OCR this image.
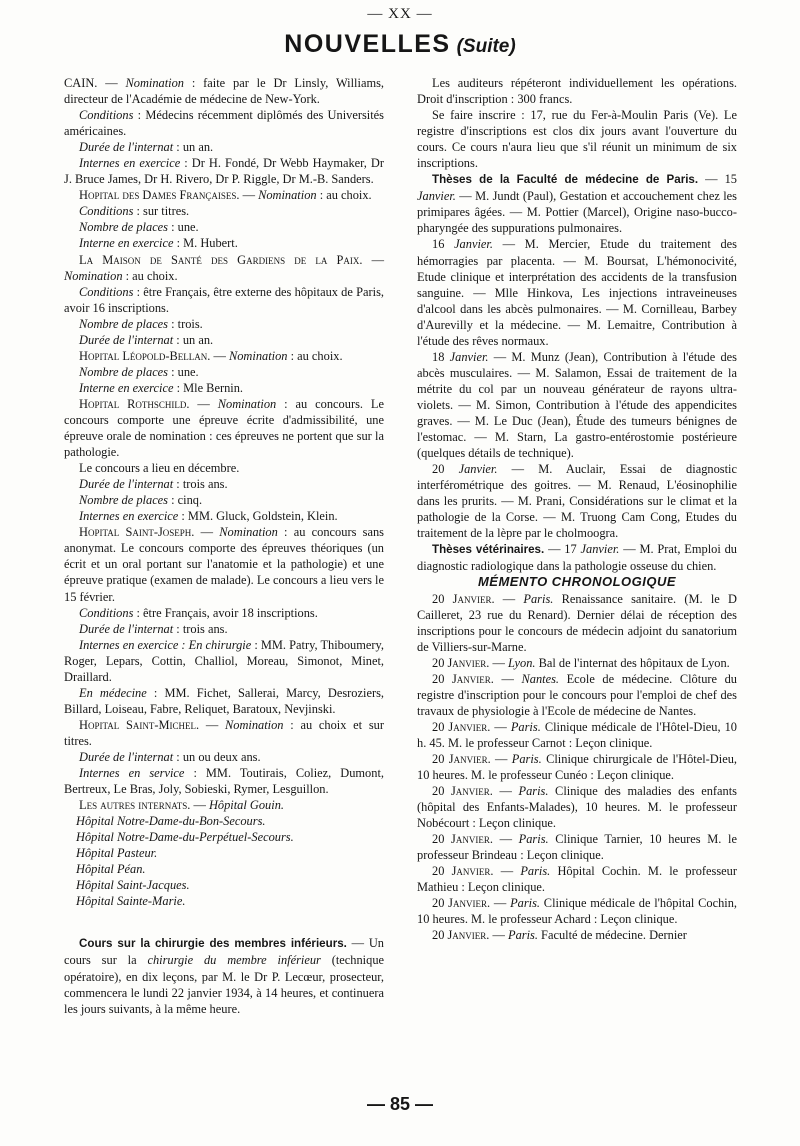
— XX —
NOUVELLES (Suite)

CAIN. — Nomination : faite par le Dr Linsly, Williams, directeur de l'Académie de médecine de New-York.

Conditions : Médecins récemment diplômés des Universités américaines.

Durée de l'internat : un an.

Internes en exercice : Dr H. Fondé, Dr Webb Haymaker, Dr J. Bruce James, Dr H. Rivero, Dr P. Riggle, Dr M.-B. Sanders.

Hopital des Dames Françaises. — Nomination : au choix.

Conditions : sur titres.

Nombre de places : une.

Interne en exercice : M. Hubert.

La Maison de Santé des Gardiens de la Paix. — Nomination : au choix.

Conditions : être Français, être externe des hôpitaux de Paris, avoir 16 inscriptions.

Nombre de places : trois.

Durée de l'internat : un an.

Hopital Léopold-Bellan. — Nomination : au choix.

Nombre de places : une.

Interne en exercice : Mle Bernin.

Hopital Rothschild. — Nomination : au concours. Le concours comporte une épreuve écrite d'admissibilité, une épreuve orale de nomination : ces épreuves ne portent que sur la pathologie.

Le concours a lieu en décembre.

Durée de l'internat : trois ans.

Nombre de places : cinq.

Internes en exercice : MM. Gluck, Goldstein, Klein.

Hopital Saint-Joseph. — Nomination : au concours sans anonymat. Le concours comporte des épreuves théoriques (un écrit et un oral portant sur l'anatomie et la pathologie) et une épreuve pratique (examen de malade). Le concours a lieu vers le 15 février.

Conditions : être Français, avoir 18 inscriptions.

Durée de l'internat : trois ans.

Internes en exercice : En chirurgie : MM. Patry, Thiboumery, Roger, Lepars, Cottin, Challiol, Moreau, Simonot, Minet, Draillard.

En médecine : MM. Fichet, Sallerai, Marcy, Desroziers, Billard, Loiseau, Fabre, Reliquet, Baratoux, Nevjinski.

Hopital Saint-Michel. — Nomination : au choix et sur titres.

Durée de l'internat : un ou deux ans.

Internes en service : MM. Toutirais, Coliez, Dumont, Bertreux, Le Bras, Joly, Sobieski, Rymer, Lesguillon.

Les autres internats. — Hôpital Gouin.

Hôpital Notre-Dame-du-Bon-Secours.

Hôpital Notre-Dame-du-Perpétuel-Secours.

Hôpital Pasteur.

Hôpital Péan.

Hôpital Saint-Jacques.

Hôpital Sainte-Marie.

Cours sur la chirurgie des membres inférieurs. — Un cours sur la chirurgie du membre inférieur (technique opératoire), en dix leçons, par M. le Dr P. Lecœur, prosecteur, commencera le lundi 22 janvier 1934, à 14 heures, et continuera les jours suivants, à la même heure.

Les auditeurs répéteront individuellement les opérations. Droit d'inscription : 300 francs.

Se faire inscrire : 17, rue du Fer-à-Moulin Paris (Ve). Le registre d'inscriptions est clos dix jours avant l'ouverture du cours. Ce cours n'aura lieu que s'il réunit un minimum de six inscriptions.

Thèses de la Faculté de médecine de Paris. — 15 Janvier. — M. Jundt (Paul), Gestation et accouchement chez les primipares âgées. — M. Pottier (Marcel), Origine naso-bucco-pharyngée des suppurations pulmonaires.

16 Janvier. — M. Mercier, Etude du traitement des hémorragies par placenta. — M. Boursat, L'hémonocivité, Etude clinique et interprétation des accidents de la transfusion sanguine. — Mlle Hinkova, Les injections intraveineuses d'alcool dans les abcès pulmonaires. — M. Cornilleau, Barbey d'Aurevilly et la médecine. — M. Lemaitre, Contribution à l'étude des rêves normaux.

18 Janvier. — M. Munz (Jean), Contribution à l'étude des abcès musculaires. — M. Salamon, Essai de traitement de la métrite du col par un nouveau générateur de rayons ultra-violets. — M. Simon, Contribution à l'étude des appendicites graves. — M. Le Duc (Jean), Étude des tumeurs bénignes de l'estomac. — M. Starn, La gastro-entérostomie postérieure (quelques détails de technique).

20 Janvier. — M. Auclair, Essai de diagnostic interférométrique des goitres. — M. Renaud, L'éosinophilie dans les prurits. — M. Prani, Considérations sur le climat et la pathologie de la Corse. — M. Truong Cam Cong, Etudes du traitement de la lèpre par le cholmoogra.

Thèses vétérinaires. — 17 Janvier. — M. Prat, Emploi du diagnostic radiologique dans la pathologie osseuse du chien.

MÉMENTO CHRONOLOGIQUE

20 Janvier. — Paris. Renaissance sanitaire. (M. le D Cailleret, 23 rue du Renard). Dernier délai de réception des inscriptions pour le concours de médecin adjoint du sanatorium de Villiers-sur-Marne.

20 Janvier. — Lyon. Bal de l'internat des hôpitaux de Lyon.

20 Janvier. — Nantes. Ecole de médecine. Clôture du registre d'inscription pour le concours pour l'emploi de chef des travaux de physiologie à l'Ecole de médecine de Nantes.

20 Janvier. — Paris. Clinique médicale de l'Hôtel-Dieu, 10 h. 45. M. le professeur Carnot : Leçon clinique.

20 Janvier. — Paris. Clinique chirurgicale de l'Hôtel-Dieu, 10 heures. M. le professeur Cunéo : Leçon clinique.

20 Janvier. — Paris. Clinique des maladies des enfants (hôpital des Enfants-Malades), 10 heures. M. le professeur Nobécourt : Leçon clinique.

20 Janvier. — Paris. Clinique Tarnier, 10 heures M. le professeur Brindeau : Leçon clinique.

20 Janvier. — Paris. Hôpital Cochin. M. le professeur Mathieu : Leçon clinique.

20 Janvier. — Paris. Clinique médicale de l'hôpital Cochin, 10 heures. M. le professeur Achard : Leçon clinique.

20 Janvier. — Paris. Faculté de médecine. Dernier

— 85 —
